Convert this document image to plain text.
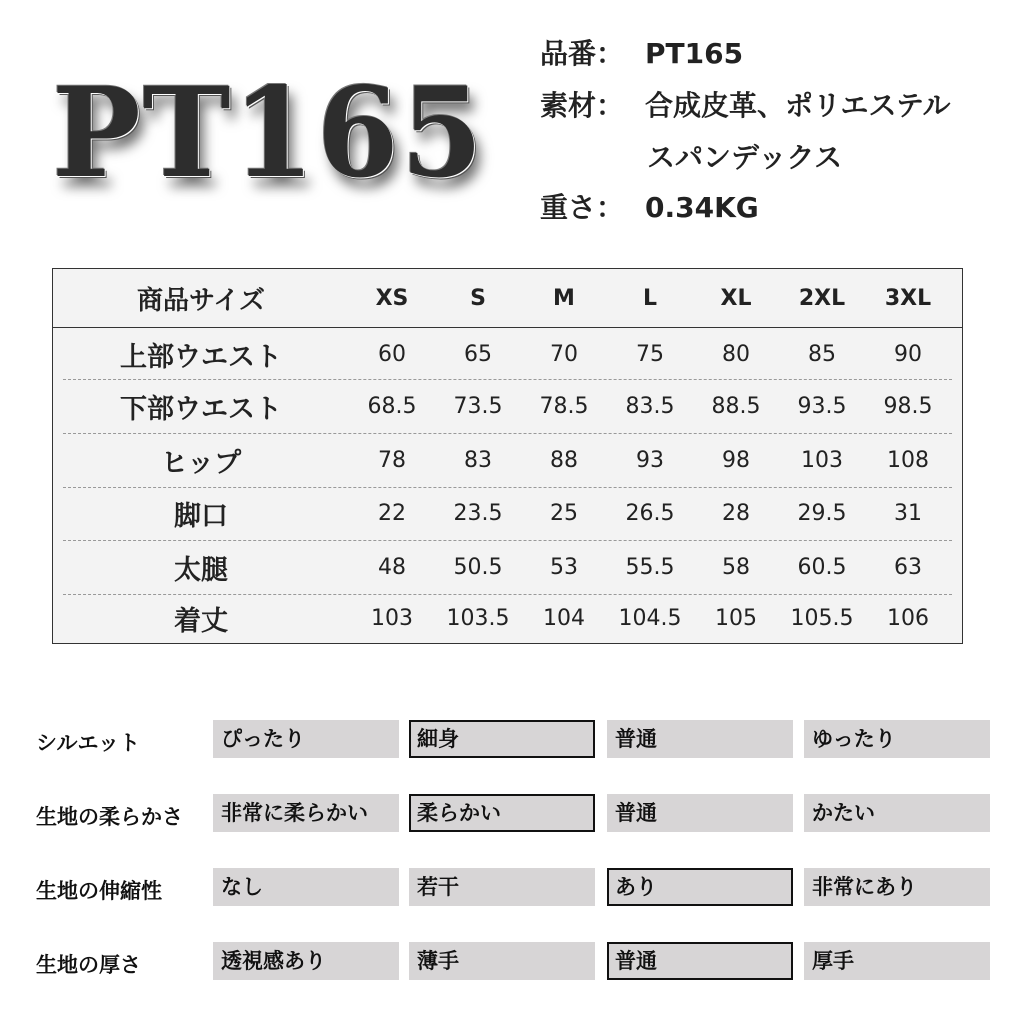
PT165
品番： PT165
素材： 合成皮革、ポリエステル
スパンデックス
重さ： 0.34KG
商品サイズ	XS	S	M	L	XL	2XL	3XL
上部ウエスト	60	65	70	75	80	85	90
下部ウエスト	68.5	73.5	78.5	83.5	88.5	93.5	98.5
ヒップ	78	83	88	93	98	103	108
脚口	22	23.5	25	26.5	28	29.5	31
太腿	48	50.5	53	55.5	58	60.5	63
着丈	103	103.5	104	104.5	105	105.5	106
シルエット	ぴったり	細身	普通	ゆったり
生地の柔らかさ	非常に柔らかい	柔らかい	普通	かたい
生地の伸縮性	なし	若干	あり	非常にあり
生地の厚さ	透視感あり	薄手	普通	厚手
